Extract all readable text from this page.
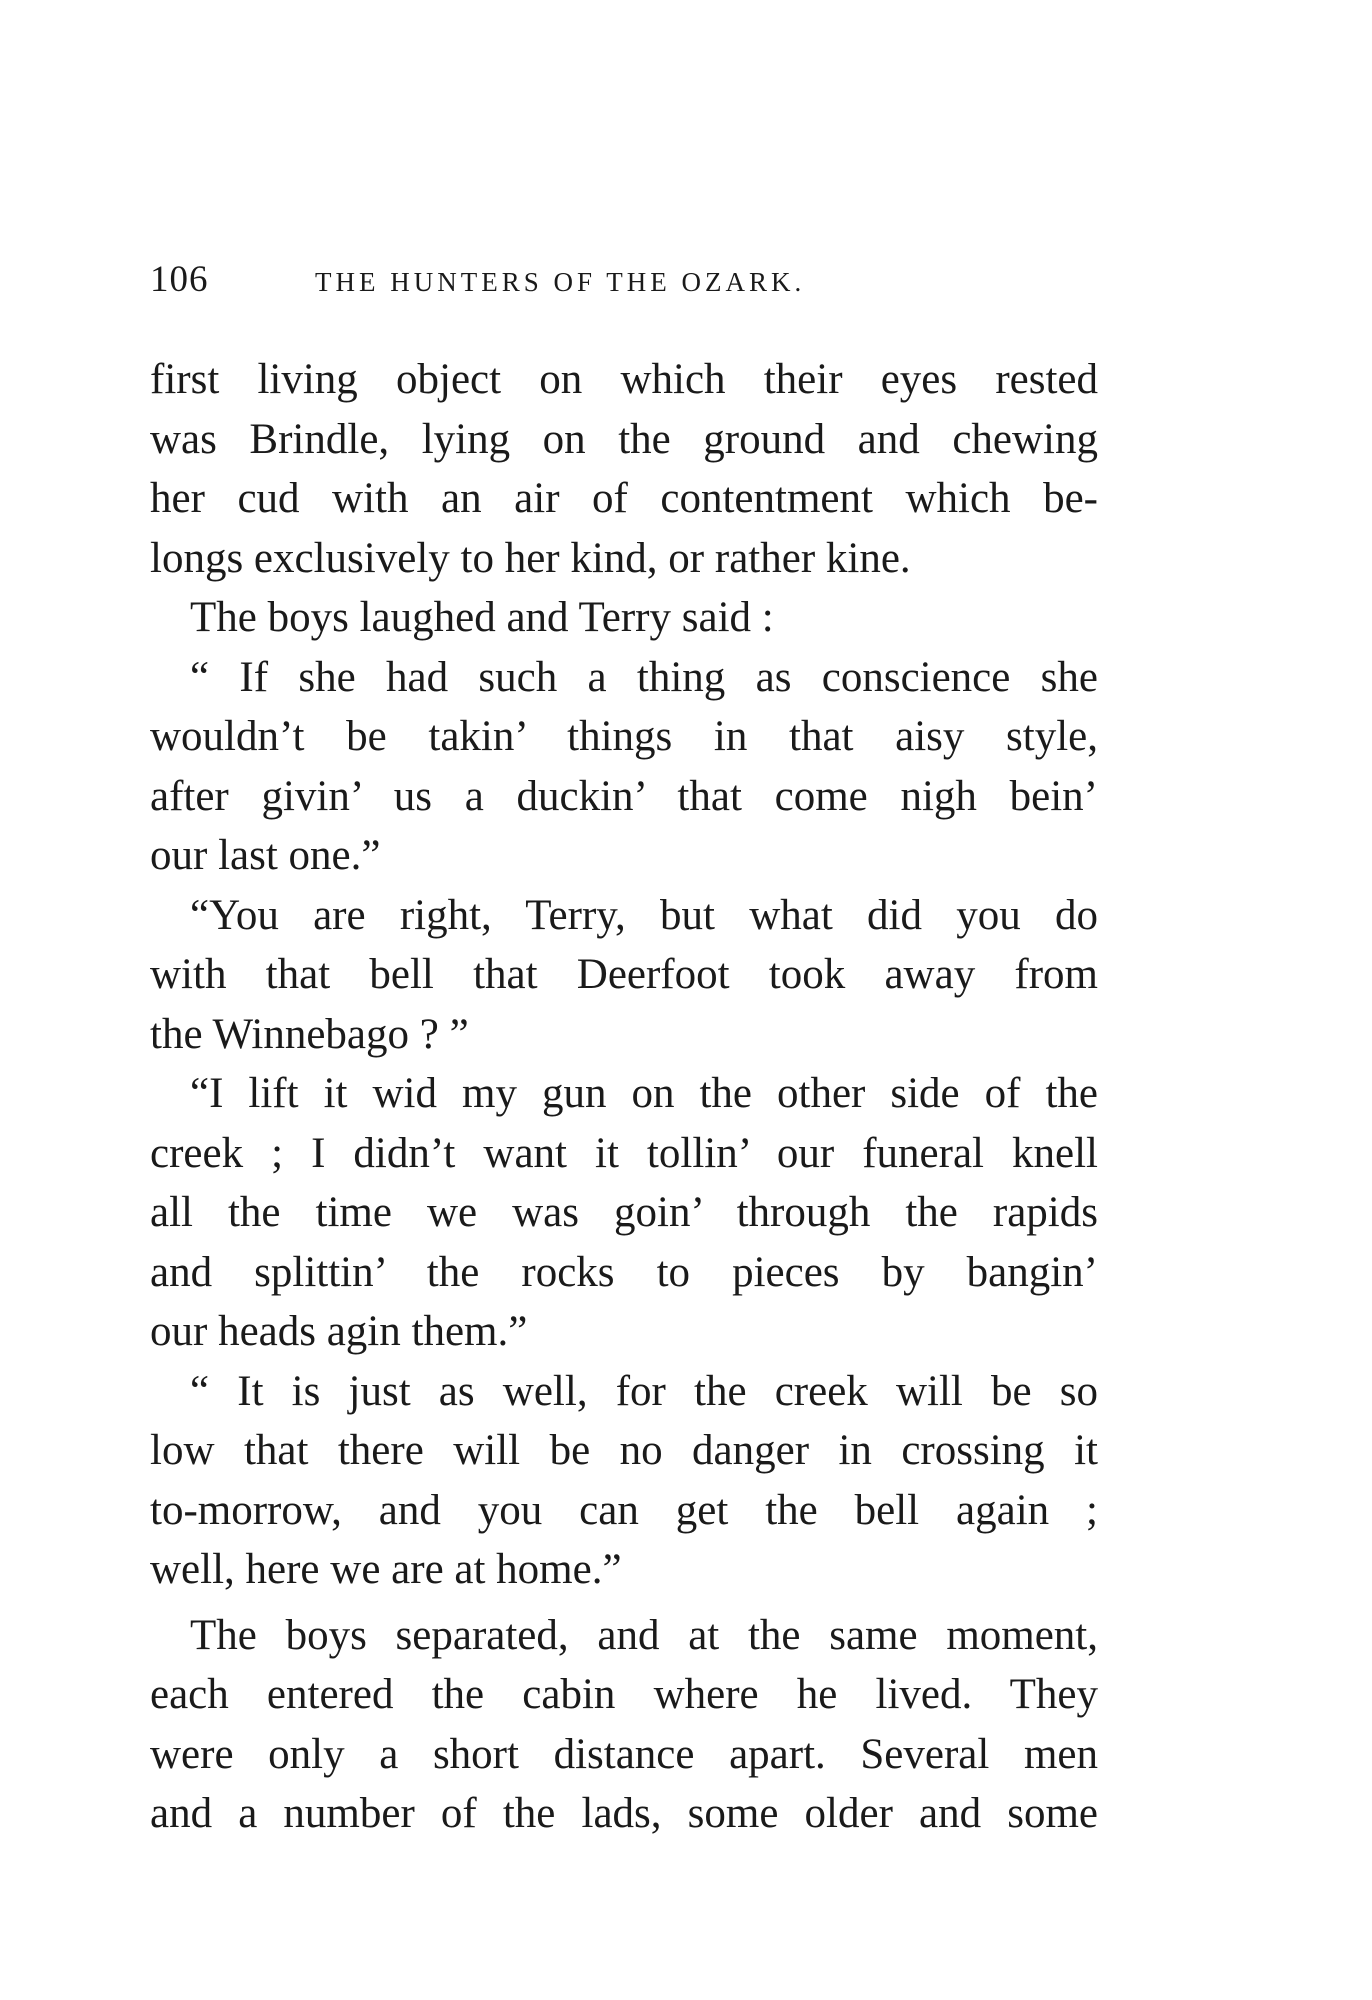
106	THE HUNTERS OF THE OZARK.
first living object on which their eyes rested
was Brindle, lying on the ground and chewing
her cud with an air of contentment which be-
longs exclusively to her kind, or rather kine.
The boys laughed and Terry said :
“ If she had such a thing as conscience she
wouldn’t be takin’ things in that aisy style,
after givin’ us a duckin’ that come nigh bein’
our last one.”
“You are right, Terry, but what did you do
with that bell that Deerfoot took away from
the Winnebago ? ”
“I lift it wid my gun on the other side of the
creek ; I didn’t want it tollin’ our funeral knell
all the time we was goin’ through the rapids
and splittin’ the rocks to pieces by bangin’
our heads agin them.”
“ It is just as well, for the creek will be so
low that there will be no danger in crossing it
to-morrow, and you can get the bell again ;
well, here we are at home.”
The boys separated, and at the same moment,
each entered the cabin where he lived. They
were only a short distance apart. Several men
and a number of the lads, some older and some
